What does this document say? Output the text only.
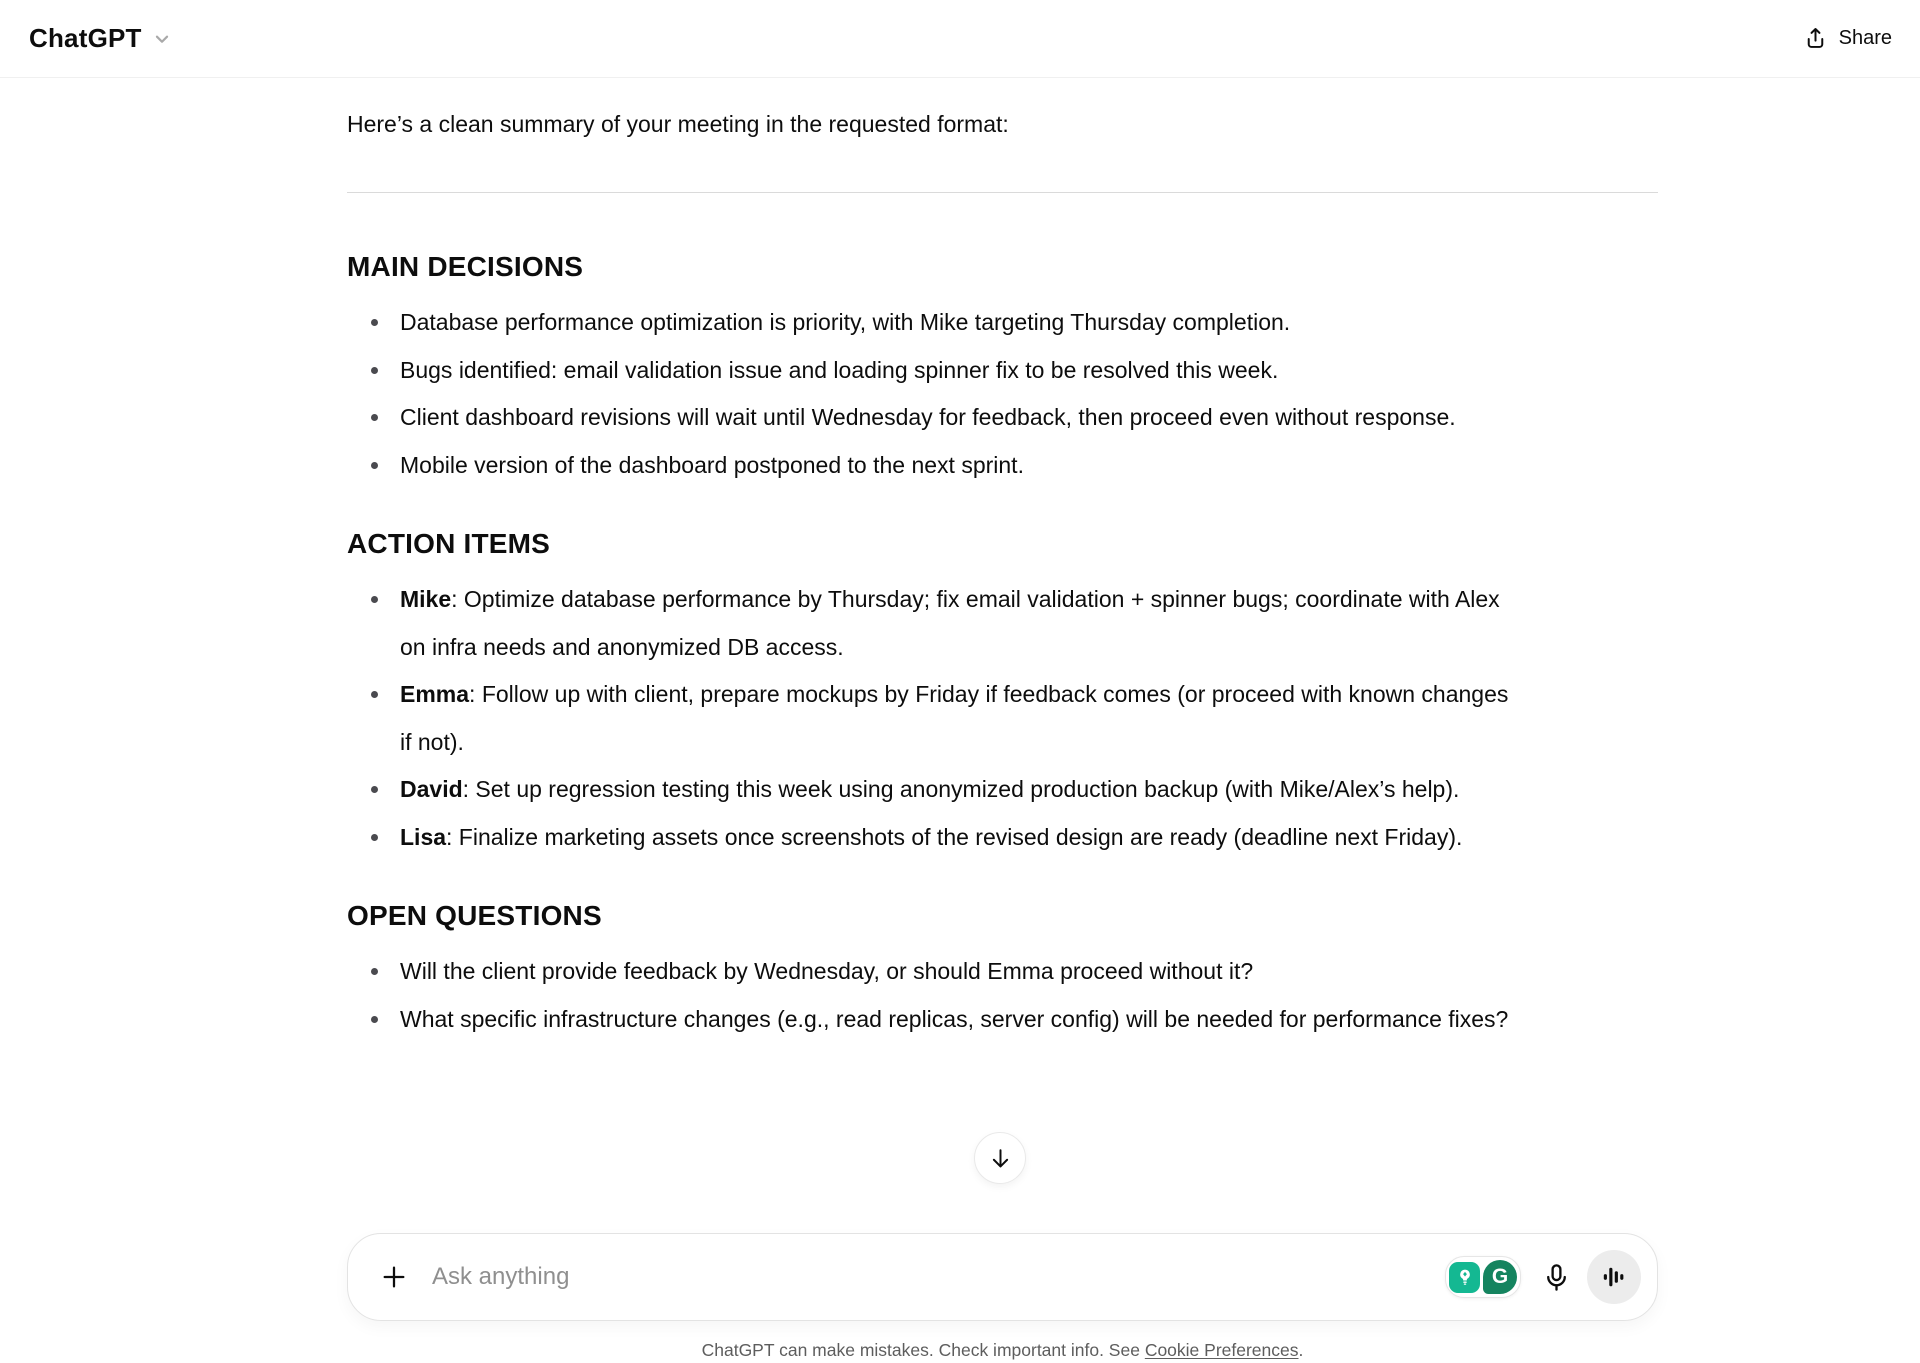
ChatGPT	Share

Here’s a clean summary of your meeting in the requested format:

MAIN DECISIONS
Database performance optimization is priority, with Mike targeting Thursday completion.
Bugs identified: email validation issue and loading spinner fix to be resolved this week.
Client dashboard revisions will wait until Wednesday for feedback, then proceed even without response.
Mobile version of the dashboard postponed to the next sprint.
ACTION ITEMS
Mike: Optimize database performance by Thursday; fix email validation + spinner bugs; coordinate with Alex on infra needs and anonymized DB access.
Emma: Follow up with client, prepare mockups by Friday if feedback comes (or proceed with known changes if not).
David: Set up regression testing this week using anonymized production backup (with Mike/Alex’s help).
Lisa: Finalize marketing assets once screenshots of the revised design are ready (deadline next Friday).
OPEN QUESTIONS
Will the client provide feedback by Wednesday, or should Emma proceed without it?
What specific infrastructure changes (e.g., read replicas, server config) will be needed for performance fixes?
Ask anything
G
ChatGPT can make mistakes. Check important info. See Cookie Preferences.
